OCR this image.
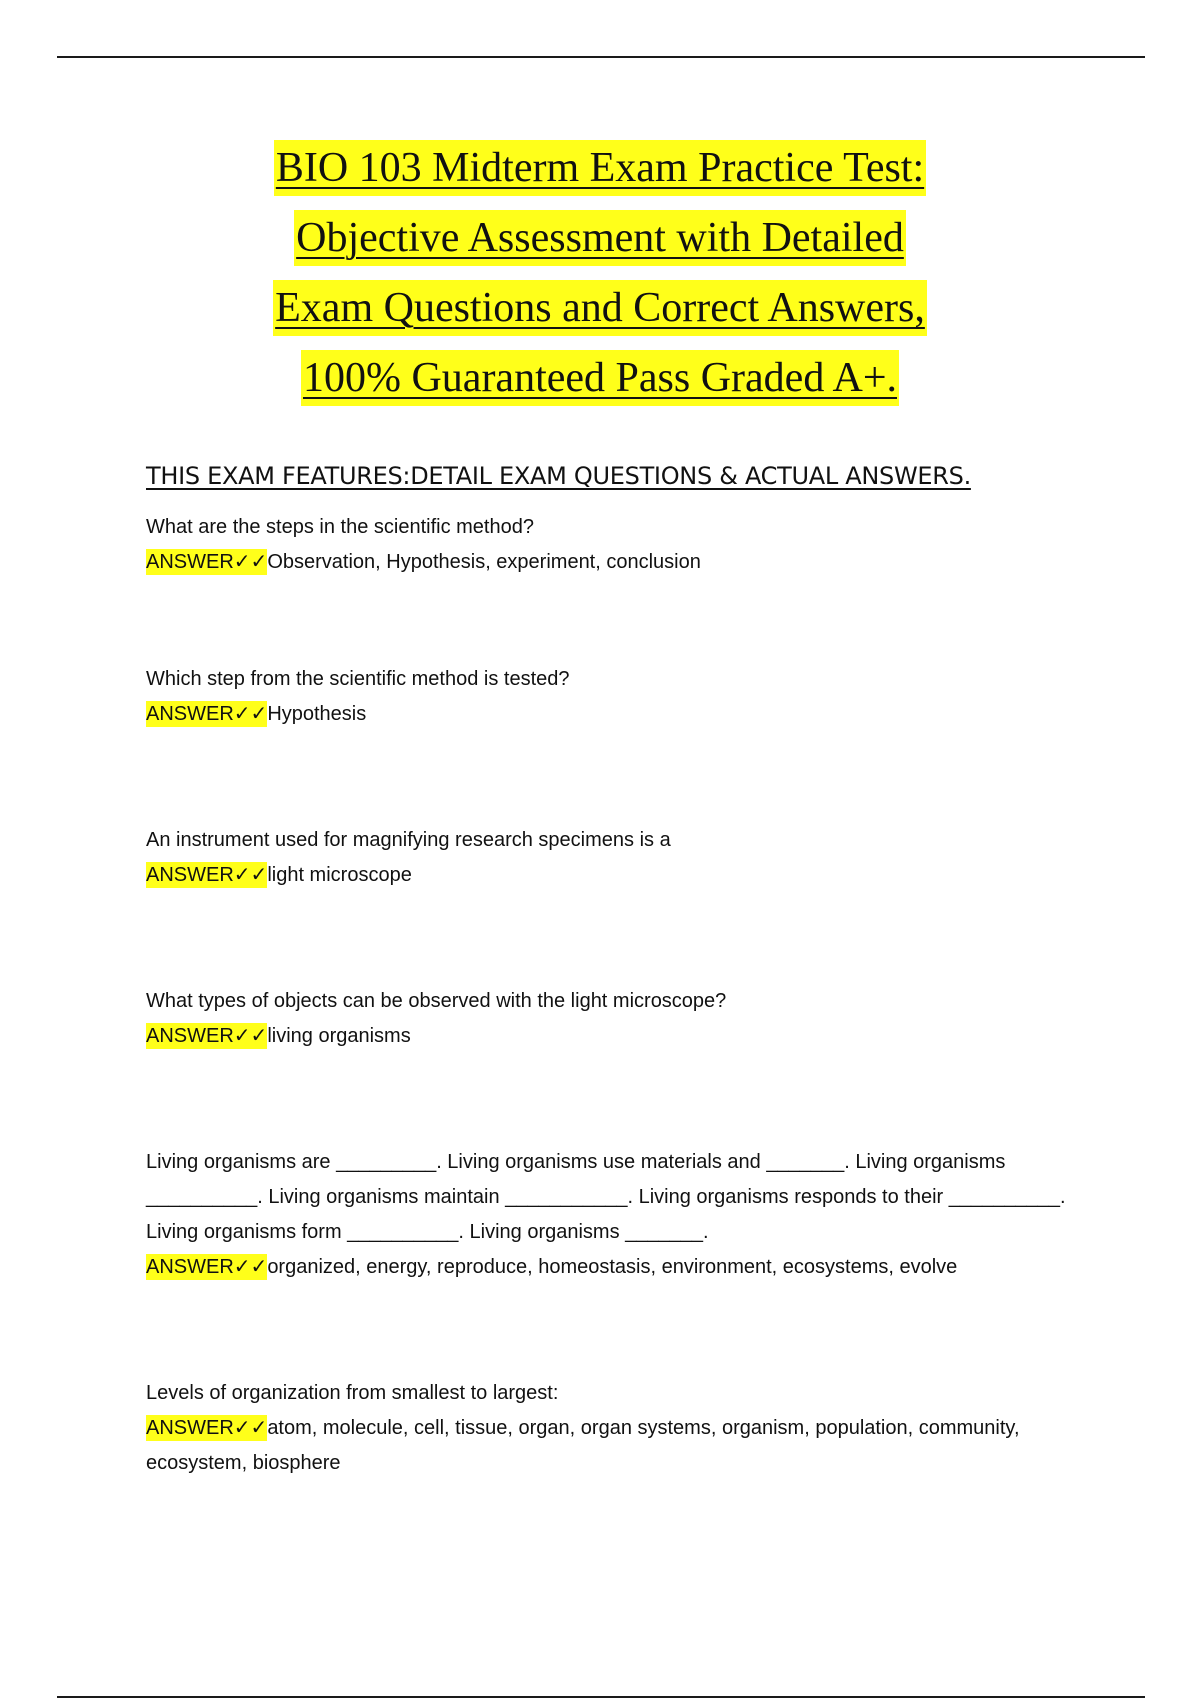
BIO 103 Midterm Exam Practice Test:
Objective Assessment with Detailed
Exam Questions and Correct Answers,
100% Guaranteed Pass Graded A+.
THIS EXAM FEATURES:DETAIL EXAM QUESTIONS & ACTUAL ANSWERS.

What are the steps in the scientific method?

ANSWER✓✓Observation, Hypothesis, experiment, conclusion

Which step from the scientific method is tested?

ANSWER✓✓Hypothesis

An instrument used for magnifying research specimens is a

ANSWER✓✓light microscope

What types of objects can be observed with the light microscope?

ANSWER✓✓living organisms

Living organisms are _________. Living organisms use materials and _______. Living organisms __________. Living organisms maintain ___________. Living organisms responds to their __________. Living organisms form __________. Living organisms _______.

ANSWER✓✓organized, energy, reproduce, homeostasis, environment, ecosystems, evolve

Levels of organization from smallest to largest:

ANSWER✓✓atom, molecule, cell, tissue, organ, organ systems, organism, population, community, ecosystem, biosphere
